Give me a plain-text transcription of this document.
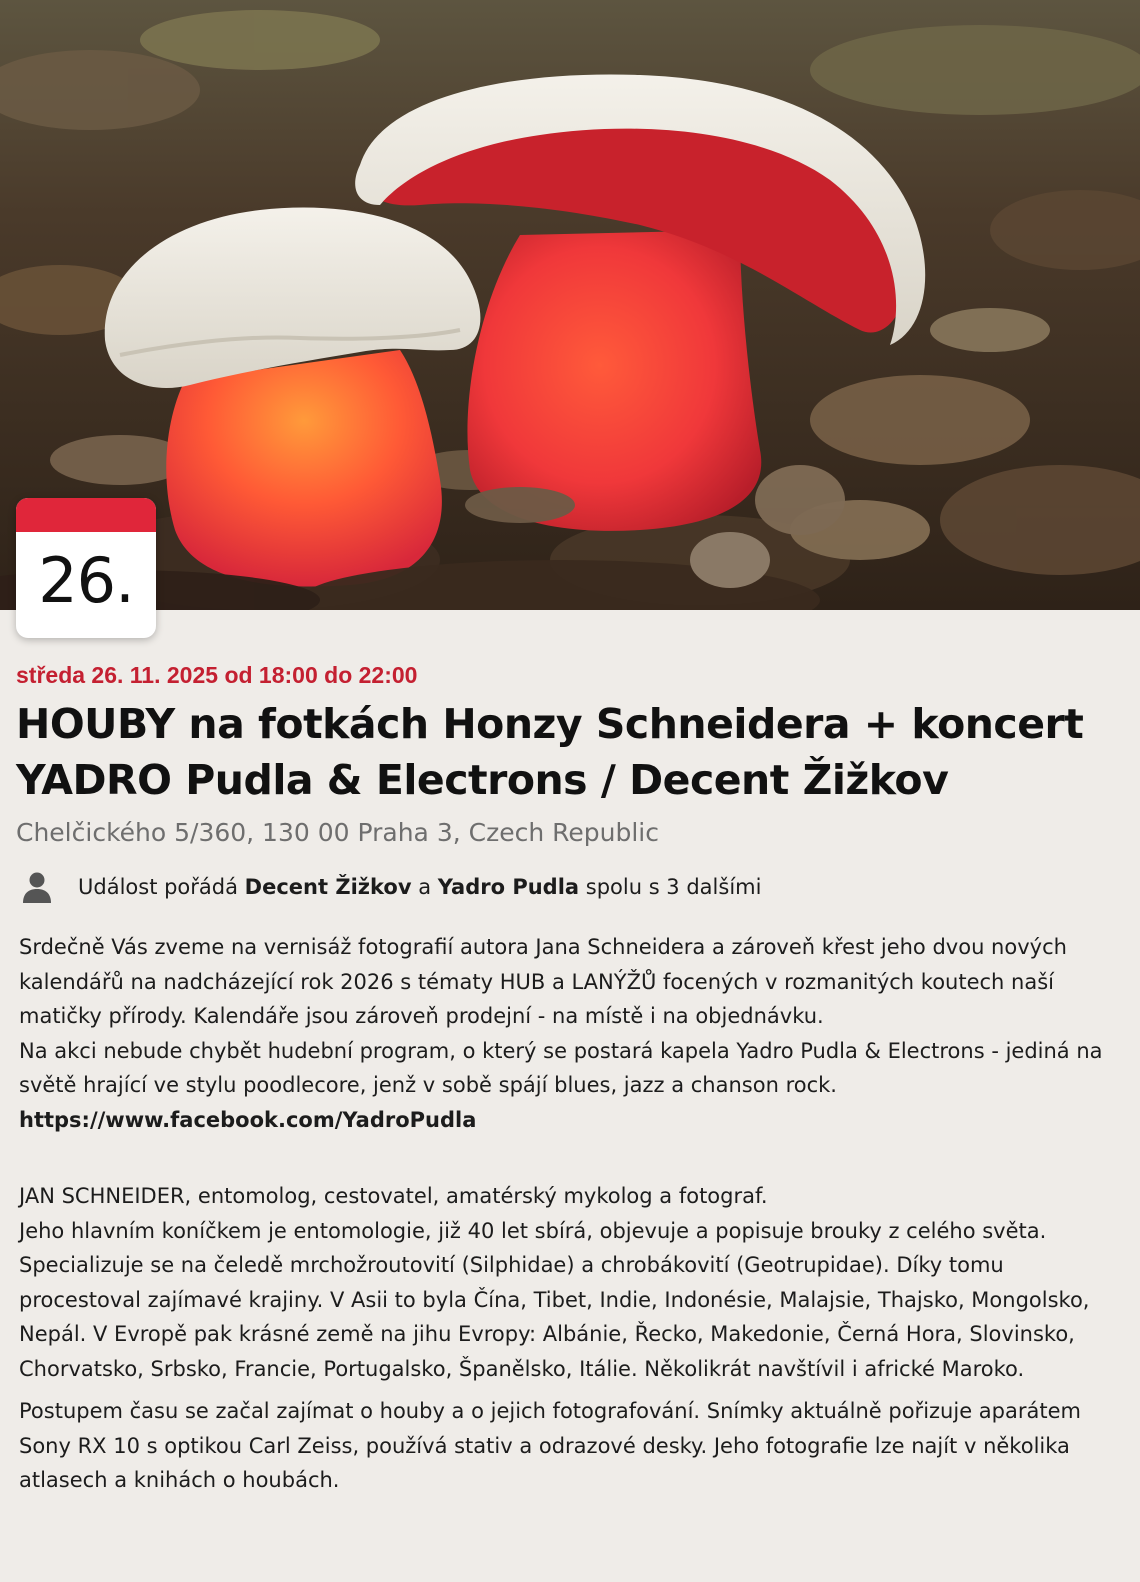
26.

středa 26. 11. 2025 od 18:00 do 22:00

HOUBY na fotkách Honzy Schneidera + koncert YADRO Pudla & Electrons / Decent Žižkov

Chelčického 5/360, 130 00 Praha 3, Czech Republic

Událost pořádá Decent Žižkov a Yadro Pudla spolu s 3 dalšími

Srdečně Vás zveme na vernisáž fotografií autora Jana Schneidera a zároveň křest jeho dvou nových kalendářů na nadcházející rok 2026 s tématy HUB a LANÝŽŮ focených v rozmanitých koutech naší matičky přírody. Kalendáře jsou zároveň prodejní - na místě i na objednávku.

Na akci nebude chybět hudební program, o který se postará kapela Yadro Pudla & Electrons - jediná na světě hrající ve stylu poodlecore, jenž v sobě spájí blues, jazz a chanson rock.

https://www.facebook.com/YadroPudla

JAN SCHNEIDER, entomolog, cestovatel, amatérský mykolog a fotograf.

Jeho hlavním koníčkem je entomologie, již 40 let sbírá, objevuje a popisuje brouky z celého světa. Specializuje se na čeledě mrchožroutovití (Silphidae) a chrobákovití (Geotrupidae). Díky tomu procestoval zajímavé krajiny. V Asii to byla Čína, Tibet, Indie, Indonésie, Malajsie, Thajsko, Mongolsko, Nepál. V Evropě pak krásné země na jihu Evropy: Albánie, Řecko, Makedonie, Černá Hora, Slovinsko, Chorvatsko, Srbsko, Francie, Portugalsko, Španělsko, Itálie. Několikrát navštívil i africké Maroko.

Postupem času se začal zajímat o houby a o jejich fotografování. Snímky aktuálně pořizuje aparátem Sony RX 10 s optikou Carl Zeiss, používá stativ a odrazové desky. Jeho fotografie lze najít v několika atlasech a knihách o houbách.
